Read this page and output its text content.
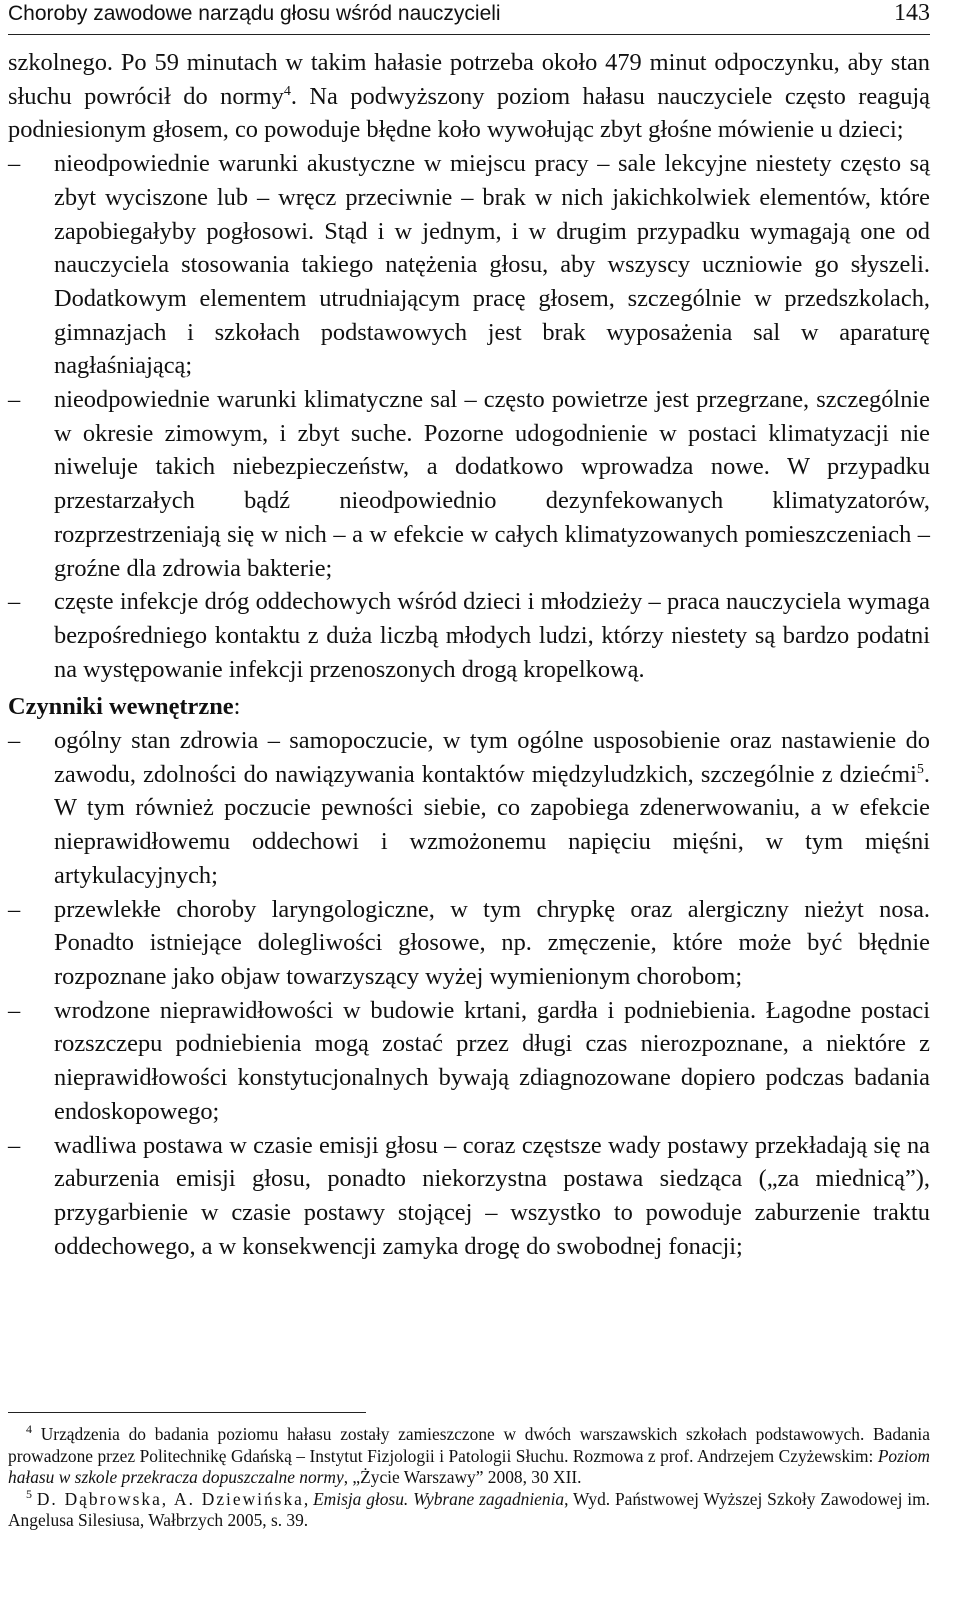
Choroby zawodowe narządu głosu wśród nauczycieli	143

szkolnego. Po 59 minutach w takim hałasie potrzeba około 479 minut odpoczynku, aby stan słuchu powrócił do normy$^4$. Na podwyższony poziom hałasu nauczyciele często reagują podniesionym głosem, co powoduje błędne koło wywołując zbyt głośne mówienie u dzieci;

– nieodpowiednie warunki akustyczne w miejscu pracy – sale lekcyjne niestety często są zbyt wyciszone lub – wręcz przeciwnie – brak w nich jakichkolwiek elementów, które zapobiegałyby pogłosowi. Stąd i w jednym, i w drugim przypadku wymagają one od nauczyciela stosowania takiego natężenia głosu, aby wszyscy uczniowie go słyszeli. Dodatkowym elementem utrudniającym pracę głosem, szczególnie w przedszkolach, gimnazjach i szkołach podstawowych jest brak wyposażenia sal w aparaturę nagłaśniającą;

– nieodpowiednie warunki klimatyczne sal – często powietrze jest przegrzane, szczególnie w okresie zimowym, i zbyt suche. Pozorne udogodnienie w postaci klimatyzacji nie niweluje takich niebezpieczeństw, a dodatkowo wprowadza nowe. W przypadku przestarzałych bądź nieodpowiednio dezynfekowanych klimatyzatorów, rozprzestrzeniają się w nich – a w efekcie w całych klimatyzowanych pomieszczeniach – groźne dla zdrowia bakterie;

– częste infekcje dróg oddechowych wśród dzieci i młodzieży – praca nauczyciela wymaga bezpośredniego kontaktu z duża liczbą młodych ludzi, którzy niestety są bardzo podatni na występowanie infekcji przenoszonych drogą kropelkową.

Czynniki wewnętrzne:

– ogólny stan zdrowia – samopoczucie, w tym ogólne usposobienie oraz nastawienie do zawodu, zdolności do nawiązywania kontaktów międzyludzkich, szczególnie z dziećmi$^5$. W tym również poczucie pewności siebie, co zapobiega zdenerwowaniu, a w efekcie nieprawidłowemu oddechowi i wzmożonemu napięciu mięśni, w tym mięśni artykulacyjnych;

– przewlekłe choroby laryngologiczne, w tym chrypkę oraz alergiczny nieżyt nosa. Ponadto istniejące dolegliwości głosowe, np. zmęczenie, które może być błędnie rozpoznane jako objaw towarzyszący wyżej wymienionym chorobom;

– wrodzone nieprawidłowości w budowie krtani, gardła i podniebienia. Łagodne postaci rozszczepu podniebienia mogą zostać przez długi czas nierozpoznane, a niektóre z nieprawidłowości konstytucjonalnych bywają zdiagnozowane dopiero podczas badania endoskopowego;

– wadliwa postawa w czasie emisji głosu – coraz częstsze wady postawy przekładają się na zaburzenia emisji głosu, ponadto niekorzystna postawa siedząca („za miednicą”), przygarbienie w czasie postawy stojącej – wszystko to powoduje zaburzenie traktu oddechowego, a w konsekwencji zamyka drogę do swobodnej fonacji;

$^4$ Urządzenia do badania poziomu hałasu zostały zamieszczone w dwóch warszawskich szkołach podstawowych. Badania prowadzone przez Politechnikę Gdańską – Instytut Fizjologii i Patologii Słuchu. Rozmowa z prof. Andrzejem Czyżewskim: Poziom hałasu w szkole przekracza dopuszczalne normy, „Życie Warszawy” 2008, 30 XII.

$^5$ D. Dąbrowska, A. Dziewińska, Emisja głosu. Wybrane zagadnienia, Wyd. Państwowej Wyższej Szkoły Zawodowej im. Angelusa Silesiusa, Wałbrzych 2005, s. 39.
